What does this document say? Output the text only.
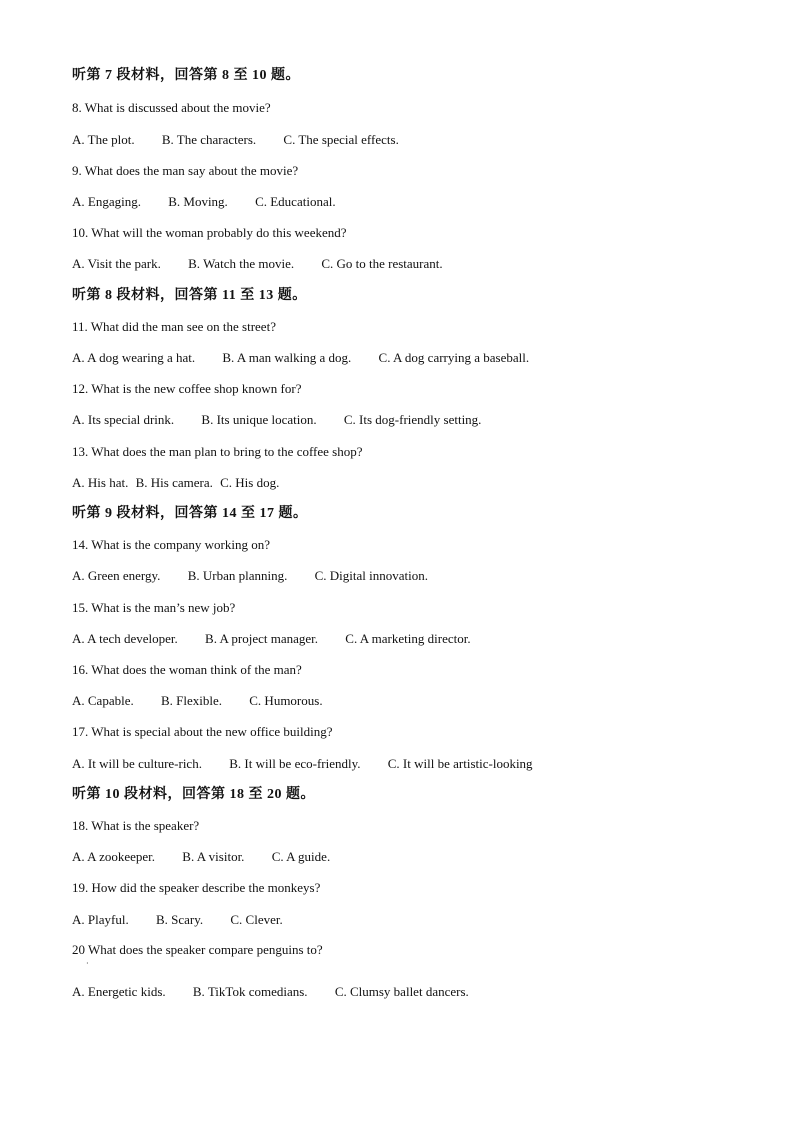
听第 7 段材料，回答第 8 至 10 题。
8. What is discussed about the movie?
A. The plot. B. The characters. C. The special effects.
9. What does the man say about the movie?
A. Engaging. B. Moving. C. Educational.
10. What will the woman probably do this weekend?
A. Visit the park. B. Watch the movie. C. Go to the restaurant.
听第 8 段材料，回答第 11 至 13 题。
11. What did the man see on the street?
A. A dog wearing a hat. B. A man walking a dog. C. A dog carrying a baseball.
12. What is the new coffee shop known for?
A. Its special drink. B. Its unique location. C. Its dog-friendly setting.
13. What does the man plan to bring to the coffee shop?
A. His hat. B. His camera. C. His dog.
听第 9 段材料，回答第 14 至 17 题。
14. What is the company working on?
A. Green energy. B. Urban planning. C. Digital innovation.
15. What is the man’s new job?
A. A tech developer. B. A project manager. C. A marketing director.
16. What does the woman think of the man?
A. Capable. B. Flexible. C. Humorous.
17. What is special about the new office building?
A. It will be culture-rich. B. It will be eco-friendly. C. It will be artistic-looking
听第 10 段材料，回答第 18 至 20 题。
18. What is the speaker?
A. A zookeeper. B. A visitor. C. A guide.
19. How did the speaker describe the monkeys?
A. Playful. B. Scary. C. Clever.
20 What does the speaker compare penguins to?
·
A. Energetic kids. B. TikTok comedians. C. Clumsy ballet dancers.
